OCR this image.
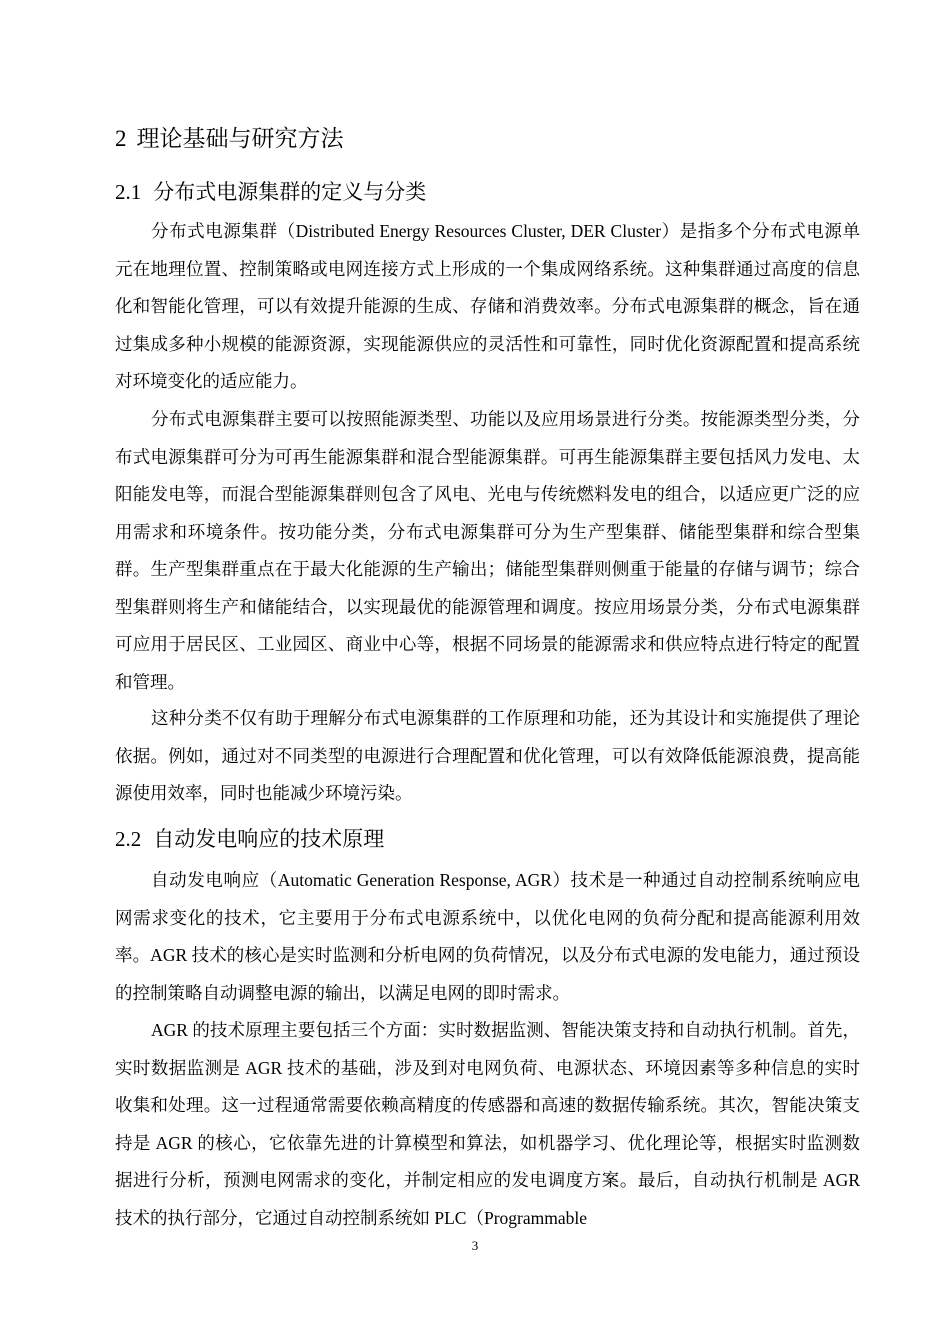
2 理论基础与研究方法
2.1 分布式电源集群的定义与分类

分布式电源集群（Distributed Energy Resources Cluster, DER Cluster）是指多个分布式电源单元在地理位置、控制策略或电网连接方式上形成的一个集成网络系统。这种集群通过高度的信息化和智能化管理，可以有效提升能源的生成、存储和消费效率。分布式电源集群的概念，旨在通过集成多种小规模的能源资源，实现能源供应的灵活性和可靠性，同时优化资源配置和提高系统对环境变化的适应能力。

分布式电源集群主要可以按照能源类型、功能以及应用场景进行分类。按能源类型分类，分布式电源集群可分为可再生能源集群和混合型能源集群。可再生能源集群主要包括风力发电、太阳能发电等，而混合型能源集群则包含了风电、光电与传统燃料发电的组合，以适应更广泛的应用需求和环境条件。按功能分类，分布式电源集群可分为生产型集群、储能型集群和综合型集群。生产型集群重点在于最大化能源的生产输出；储能型集群则侧重于能量的存储与调节；综合型集群则将生产和储能结合，以实现最优的能源管理和调度。按应用场景分类，分布式电源集群可应用于居民区、工业园区、商业中心等，根据不同场景的能源需求和供应特点进行特定的配置和管理。

这种分类不仅有助于理解分布式电源集群的工作原理和功能，还为其设计和实施提供了理论依据。例如，通过对不同类型的电源进行合理配置和优化管理，可以有效降低能源浪费，提高能源使用效率，同时也能减少环境污染。

2.2 自动发电响应的技术原理

自动发电响应（Automatic Generation Response, AGR）技术是一种通过自动控制系统响应电网需求变化的技术，它主要用于分布式电源系统中，以优化电网的负荷分配和提高能源利用效率。AGR 技术的核心是实时监测和分析电网的负荷情况，以及分布式电源的发电能力，通过预设的控制策略自动调整电源的输出，以满足电网的即时需求。

AGR 的技术原理主要包括三个方面：实时数据监测、智能决策支持和自动执行机制。首先，实时数据监测是 AGR 技术的基础，涉及到对电网负荷、电源状态、环境因素等多种信息的实时收集和处理。这一过程通常需要依赖高精度的传感器和高速的数据传输系统。其次，智能决策支持是 AGR 的核心，它依靠先进的计算模型和算法，如机器学习、优化理论等，根据实时监测数据进行分析，预测电网需求的变化，并制定相应的发电调度方案。最后，自动执行机制是 AGR 技术的执行部分，它通过自动控制系统如 PLC（Programmable

3
